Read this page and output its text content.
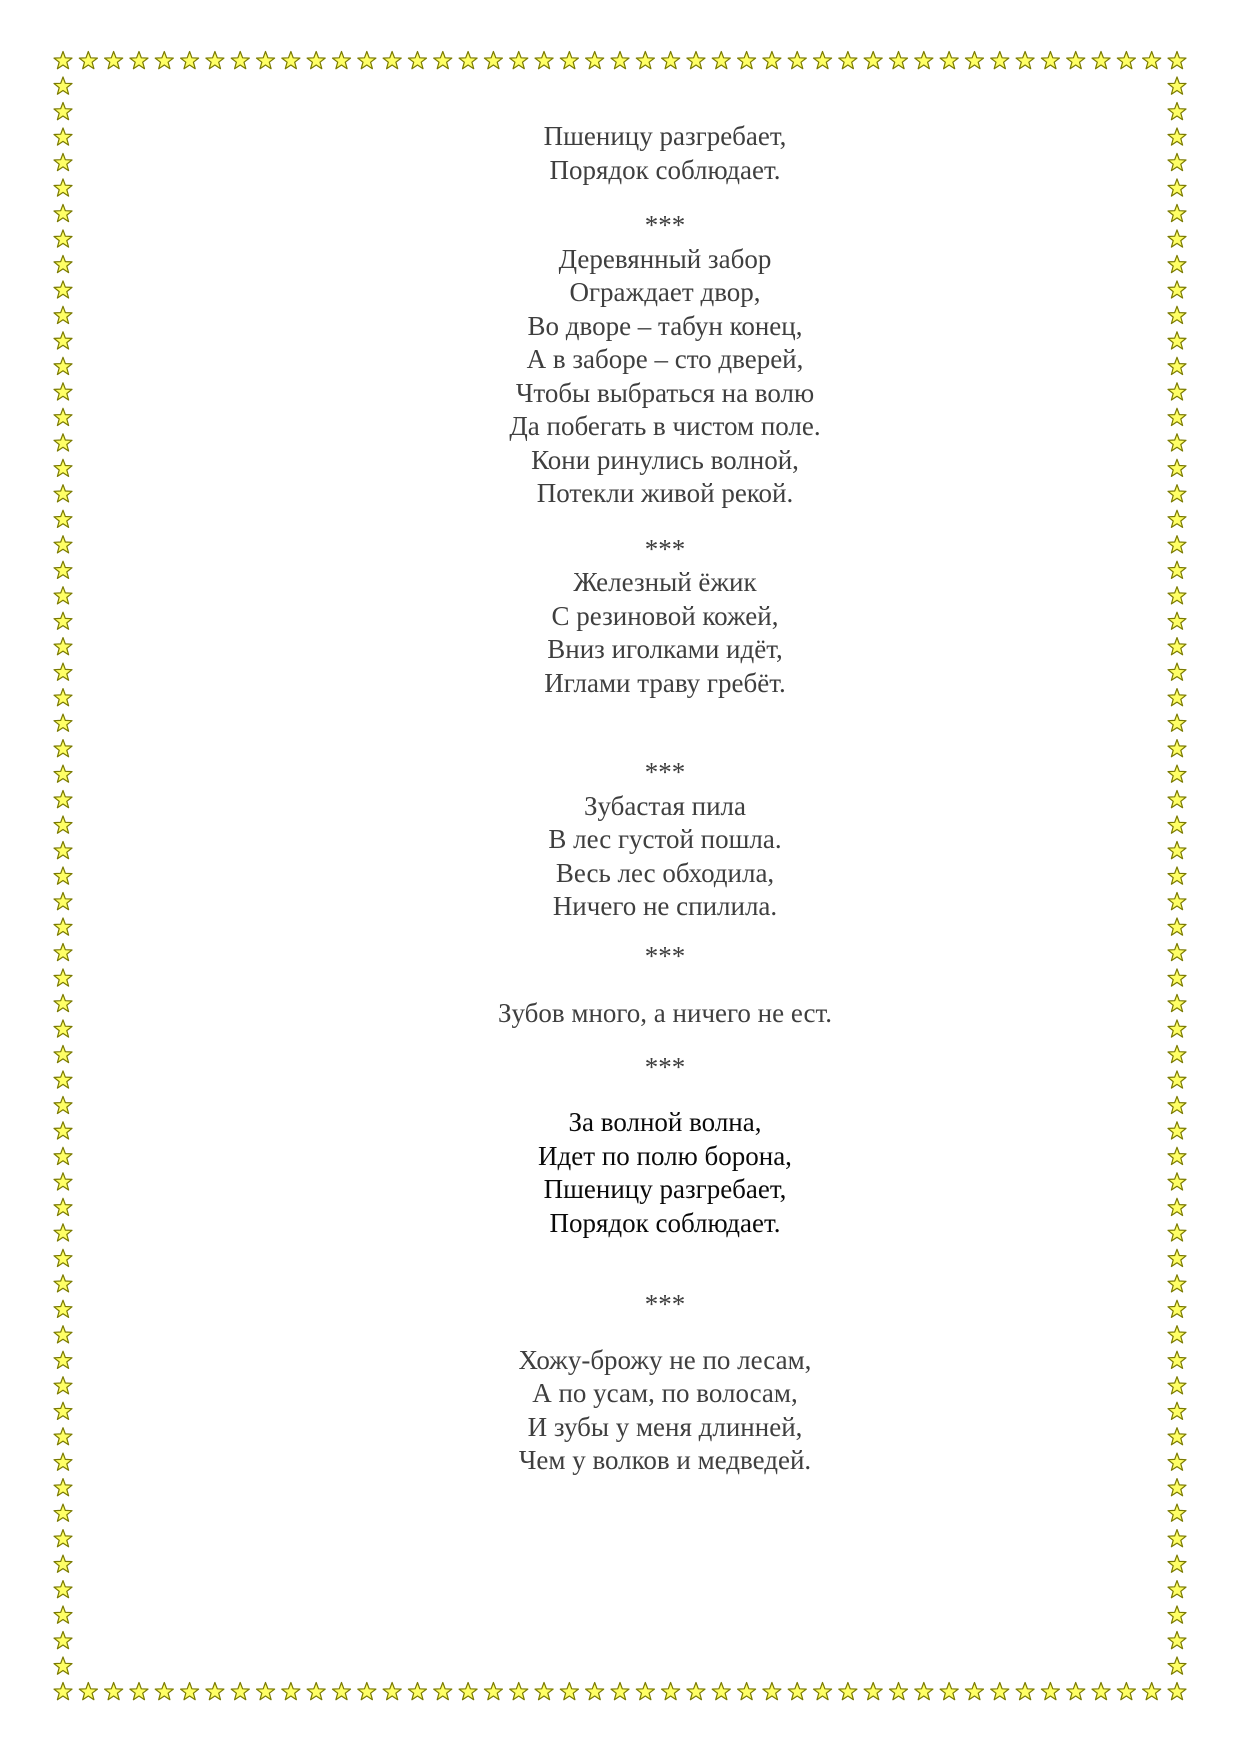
Пшеницу разгребает,
Порядок соблюдает.
***
Деревянный забор
Ограждает двор,
Во дворе – табун конец,
А в заборе – сто дверей,
Чтобы выбраться на волю
Да побегать в чистом поле.
Кони ринулись волной,
Потекли живой рекой.
***
Железный ёжик
С резиновой кожей,
Вниз иголками идёт,
Иглами траву гребёт.
***
Зубастая пила
В лес густой пошла.
Весь лес обходила,
Ничего не спилила.
***
Зубов много, а ничего не ест.
***
За волной волна,
Идет по полю борона,
Пшеницу разгребает,
Порядок соблюдает.
***
Хожу-брожу не по лесам,
А по усам, по волосам,
И зубы у меня длинней,
Чем у волков и медведей.
